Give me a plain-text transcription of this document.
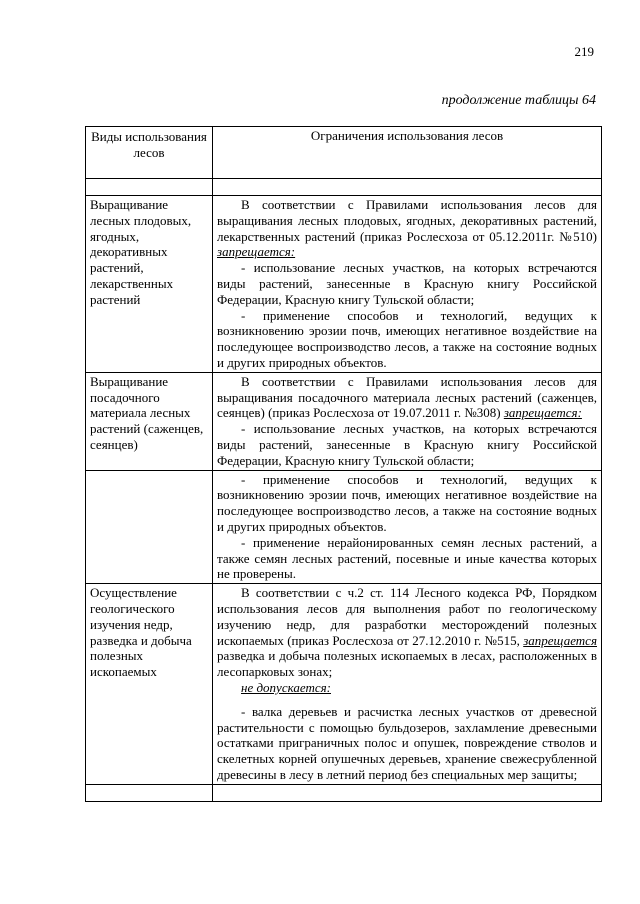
219
продолжение таблицы 64
Виды использования лесов	Ограничения использования лесов

Выращивание лесных плодовых, ягодных, декоративных растений, лекарственных растений	В соответствии с Правилами использования лесов для выращивания лесных плодовых, ягодных, декоративных растений, лекарственных растений (приказ Рослесхоза от 05.12.2011г. №510) запрещается:

- использование лесных участков, на которых встречаются виды растений, занесенные в Красную книгу Российской Федерации, Красную книгу Тульской области;

- применение способов и технологий, ведущих к возникновению эрозии почв, имеющих негативное воздействие на последующее воспроизводство лесов, а также на состояние водных и других природных объектов.

Выращивание посадочного материала лесных растений (саженцев, сеянцев)	В соответствии с Правилами использования лесов для выращивания посадочного материала лесных растений (саженцев, сеянцев) (приказ Рослесхоза от 19.07.2011 г. №308) запрещается:

- использование лесных участков, на которых встречаются виды растений, занесенные в Красную книгу Российской Федерации, Красную книгу Тульской области;

	- применение способов и технологий, ведущих к возникновению эрозии почв, имеющих негативное воздействие на последующее воспроизводство лесов, а также на состояние водных и других природных объектов.

- применение нерайонированных семян лесных растений, а также семян лесных растений, посевные и иные качества которых не проверены.

Осуществление геологического изучения недр, разведка и добыча полезных ископаемых	В соответствии с ч.2 ст. 114 Лесного кодекса РФ, Порядком использования лесов для выполнения работ по геологическому изучению недр, для разработки месторождений полезных ископаемых (приказ Рослесхоза от 27.12.2010 г. №515, запрещается разведка и добыча полезных ископаемых в лесах, расположенных в лесопарковых зонах;

не допускается:

- валка деревьев и расчистка лесных участков от древесной растительности с помощью бульдозеров, захламление древесными остатками приграничных полос и опушек, повреждение стволов и скелетных корней опушечных деревьев, хранение свежесрубленной древесины в лесу в летний период без специальных мер защиты;
